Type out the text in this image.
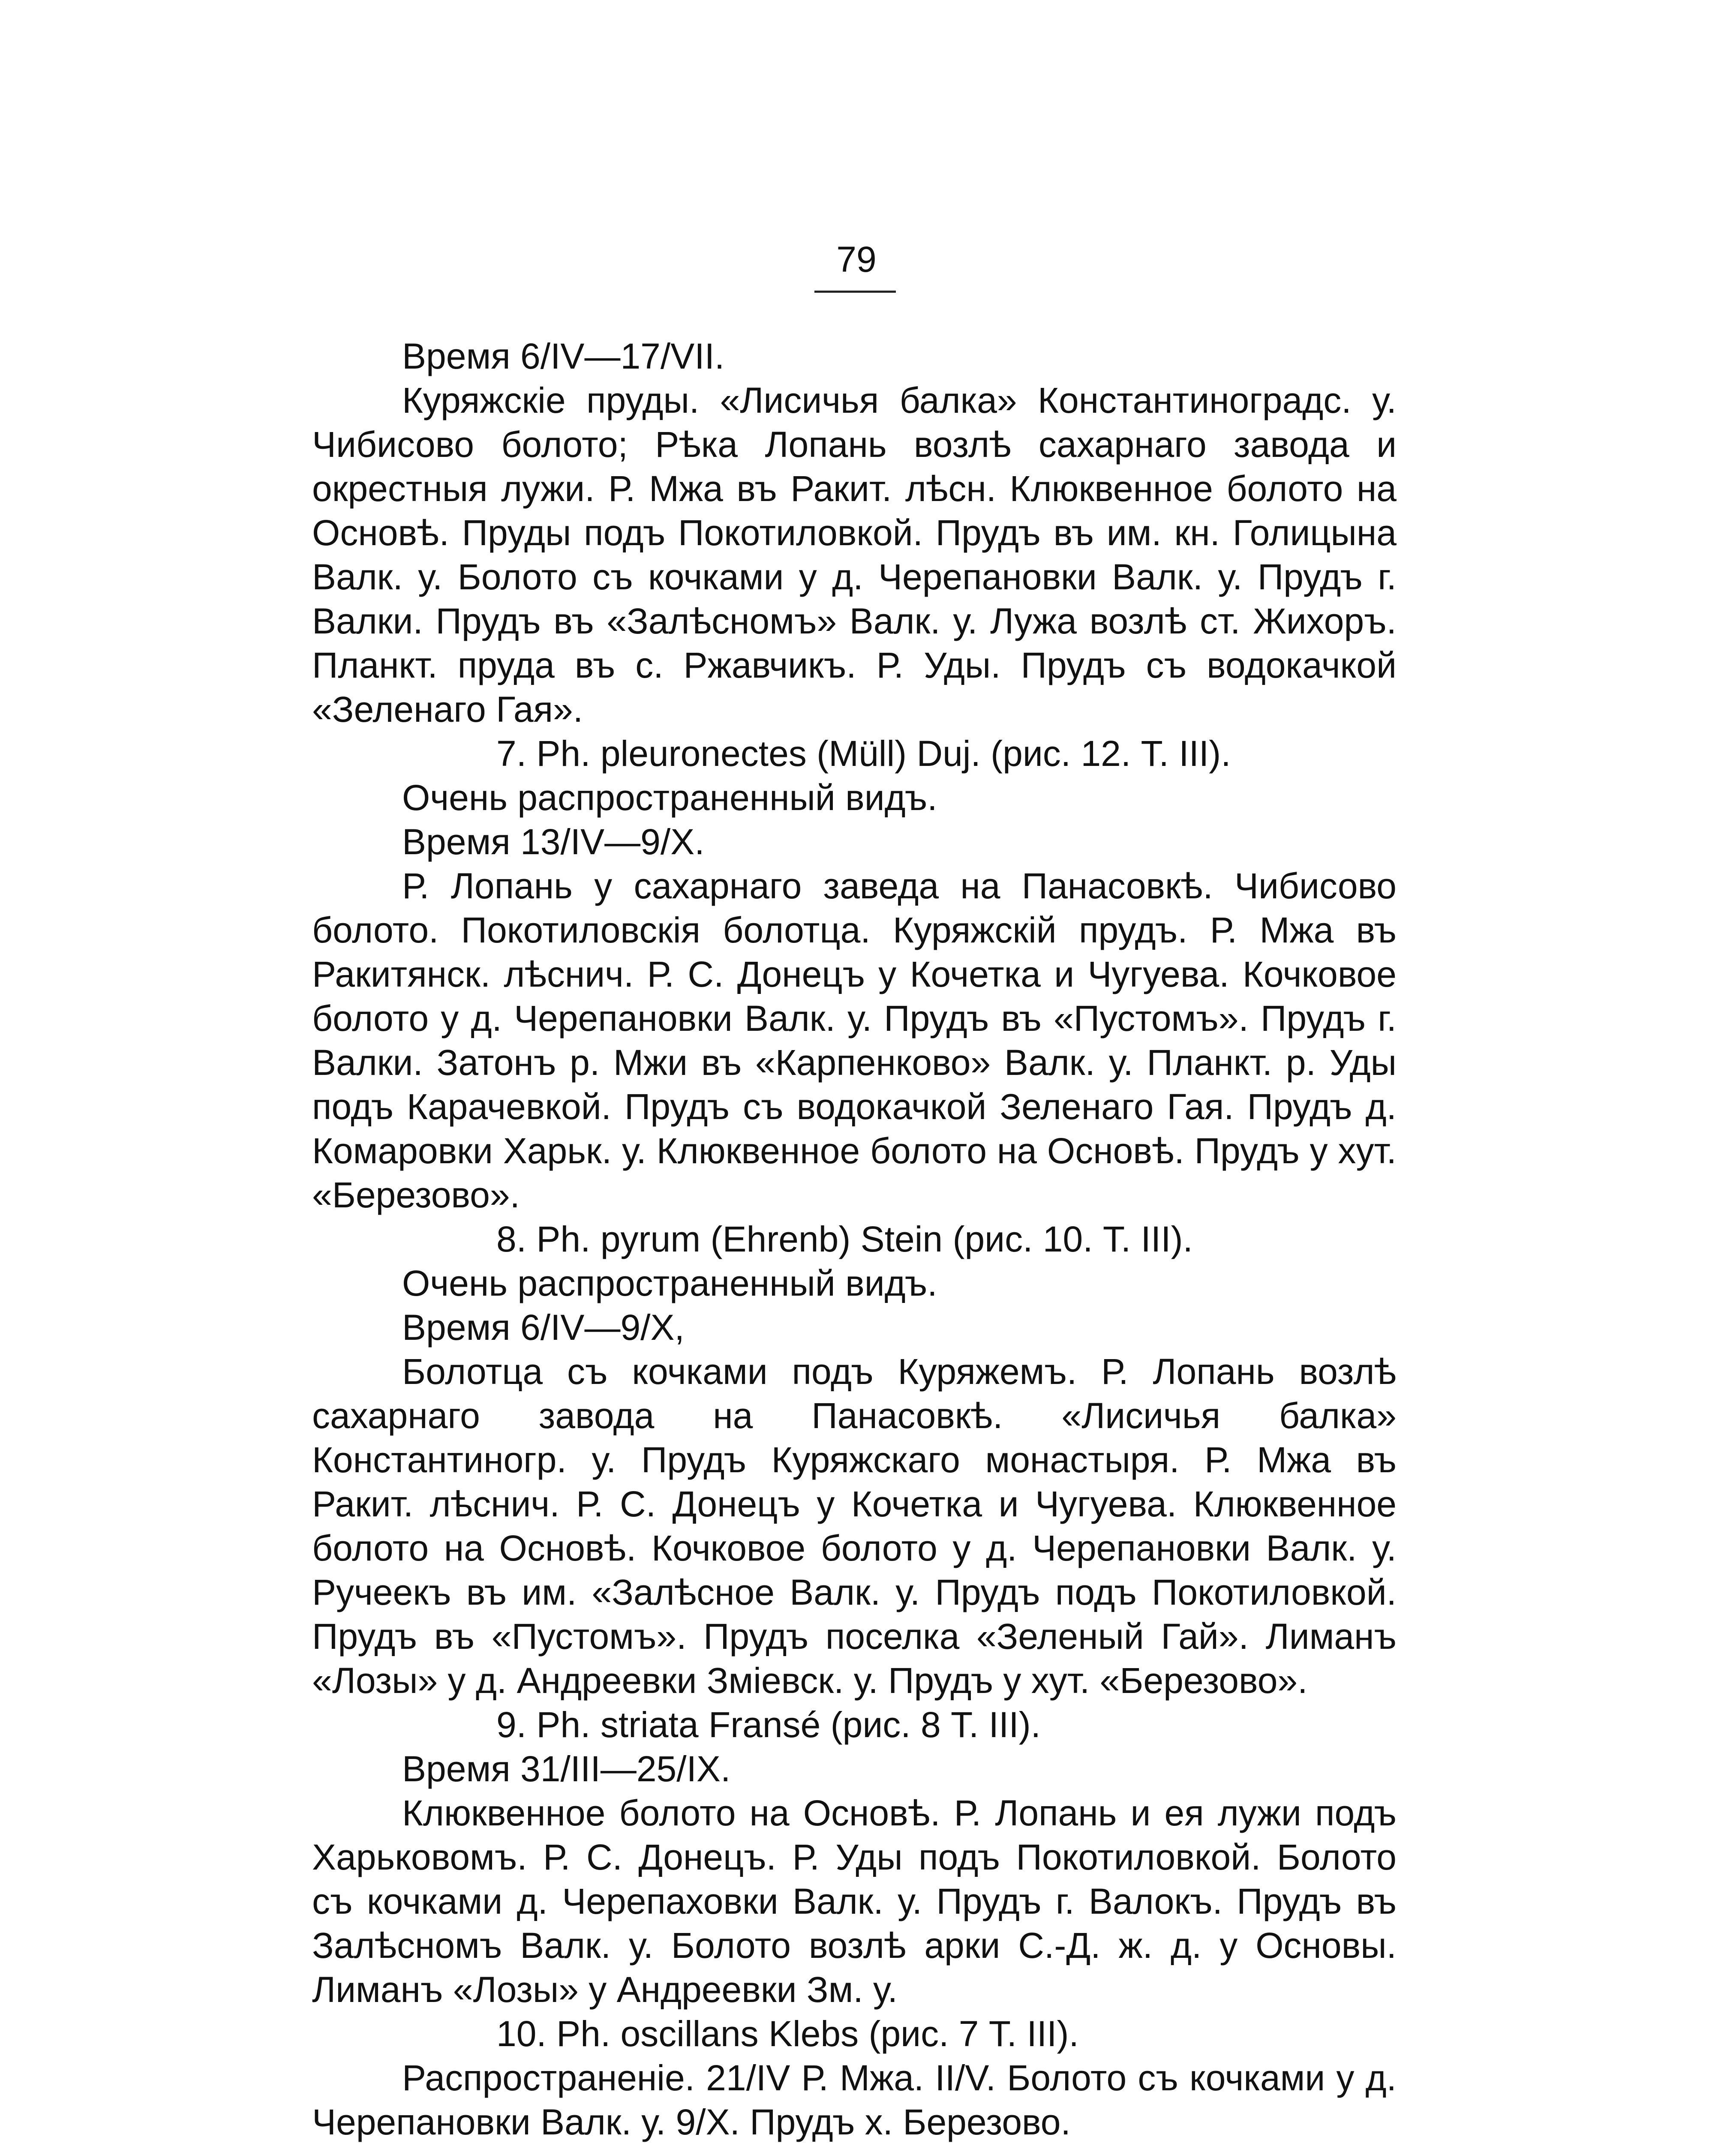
79

Время 6/IV—17/VII.

Куряжскіе пруды. «Лисичья балка» Константиноградс. у. Чибисово болото; Рѣка Лопань возлѣ сахарнаго завода и окрестныя лужи. Р. Мжа въ Ракит. лѣсн. Клюквенное болото на Основѣ. Пруды подъ Покотиловкой. Прудъ въ им. кн. Голицына Валк. у. Болото съ кочками у д. Черепановки Валк. у. Прудъ г. Валки. Прудъ въ «Залѣсномъ» Валк. у. Лужа возлѣ ст. Жихоръ. Планкт. пруда въ с. Ржавчикъ. Р. Уды. Прудъ съ водокачкой «Зеленаго Гая».

7. Ph. pleuronectes (Müll) Duj. (рис. 12. Т. III).

Очень распространенный видъ.

Время 13/IV—9/X.

Р. Лопань у сахарнаго заведа на Панасовкѣ. Чибисово болото. Покотиловскія болотца. Куряжскій прудъ. Р. Мжа въ Ракитянск. лѣснич. Р. С. Донецъ у Кочетка и Чугуева. Кочковое болото у д. Черепановки Валк. у. Прудъ въ «Пустомъ». Прудъ г. Валки. Затонъ р. Мжи въ «Карпенково» Валк. у. Планкт. р. Уды подъ Карачевкой. Прудъ съ водокачкой Зеленаго Гая. Прудъ д. Комаровки Харьк. у. Клюквенное болото на Основѣ. Прудъ у хут. «Березово».

8. Ph. pyrum (Ehrenb) Stein (рис. 10. Т. III).

Очень распространенный видъ.

Время 6/IV—9/X,

Болотца съ кочками подъ Куряжемъ. Р. Лопань возлѣ сахарнаго завода на Панасовкѣ. «Лисичья балка» Константиногр. у. Прудъ Куряжскаго монастыря. Р. Мжа въ Ракит. лѣснич. Р. С. Донецъ у Кочетка и Чугуева. Клюквенное болото на Основѣ. Кочковое болото у д. Черепановки Валк. у. Ручеекъ въ им. «Залѣсное Валк. у. Прудъ подъ Покотиловкой. Прудъ въ «Пустомъ». Прудъ поселка «Зеленый Гай». Лиманъ «Лозы» у д. Андреевки Зміевск. у. Прудъ у хут. «Березово».

9. Ph. striata Fransé (рис. 8 Т. III).

Время 31/III—25/IX.

Клюквенное болото на Основѣ. Р. Лопань и ея лужи подъ Харьковомъ. Р. С. Донецъ. Р. Уды подъ Покотиловкой. Болото съ кочками д. Черепаховки Валк. у. Прудъ г. Валокъ. Прудъ въ Залѣсномъ Валк. у. Болото возлѣ арки С.-Д. ж. д. у Основы. Лиманъ «Лозы» у Андреевки Зм. у.

10. Ph. oscillans Klebs (рис. 7 Т. III).

Распространеніе. 21/IV Р. Мжа. II/V. Болото съ кочками у д. Черепановки Валк. у. 9/X. Прудъ х. Березово.
